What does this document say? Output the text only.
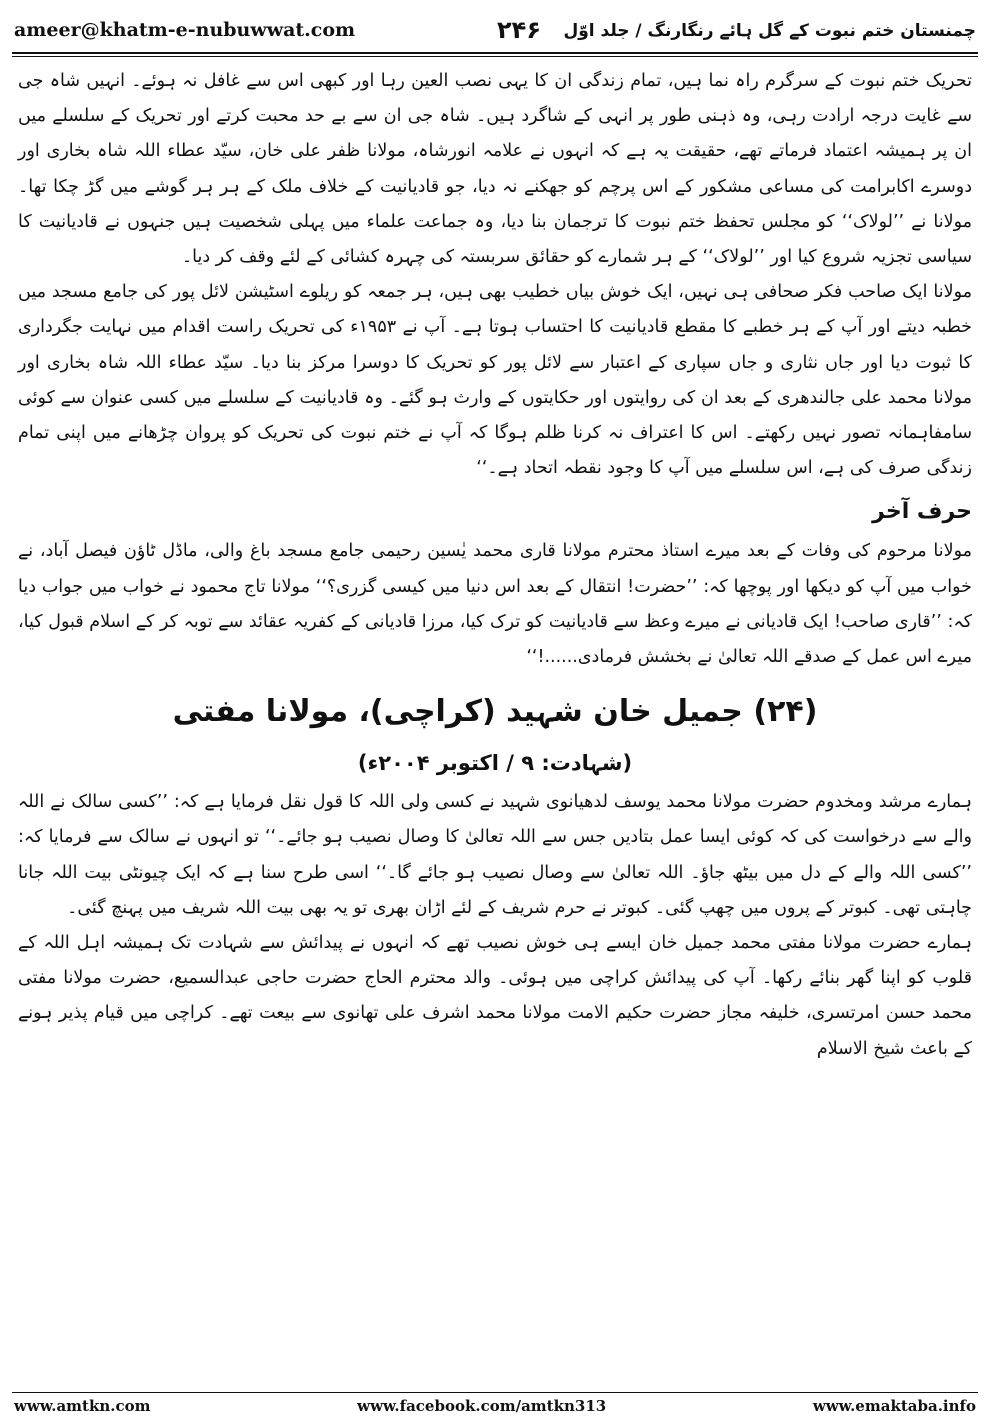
ameer@khatm-e-nubuwwat.com	۲۴۶	چمنستان ختم نبوت کے گل ہائے رنگارنگ / جلد اوّل

تحریک ختم نبوت کے سرگرم راہ نما ہیں، تمام زندگی ان کا یہی نصب العین رہا اور کبھی اس سے غافل نہ ہوئے۔ انہیں شاہ جی سے غایت درجہ ارادت رہی، وہ ذہنی طور پر انہی کے شاگرد ہیں۔ شاہ جی ان سے بے حد محبت کرتے اور تحریک کے سلسلے میں ان پر ہمیشہ اعتماد فرماتے تھے، حقیقت یہ ہے کہ انہوں نے علامہ انورشاہ، مولانا ظفر علی خان، سیّد عطاء اللہ شاہ بخاری اور دوسرے اکابرامت کی مساعی مشکور کے اس پرچم کو جھکنے نہ دیا، جو قادیانیت کے خلاف ملک کے ہر ہر گوشے میں گڑ چکا تھا۔ مولانا نے ’’لولاک‘‘ کو مجلس تحفظ ختم نبوت کا ترجمان بنا دیا، وہ جماعت علماء میں پہلی شخصیت ہیں جنہوں نے قادیانیت کا سیاسی تجزیہ شروع کیا اور ’’لولاک‘‘ کے ہر شمارے کو حقائق سربستہ کی چہرہ کشائی کے لئے وقف کر دیا۔

مولانا ایک صاحب فکر صحافی ہی نہیں، ایک خوش بیاں خطیب بھی ہیں، ہر جمعہ کو ریلوے اسٹیشن لائل پور کی جامع مسجد میں خطبہ دیتے اور آپ کے ہر خطبے کا مقطع قادیانیت کا احتساب ہوتا ہے۔ آپ نے ۱۹۵۳ء کی تحریک راست اقدام میں نہایت جگرداری کا ثبوت دیا اور جاں نثاری و جاں سپاری کے اعتبار سے لائل پور کو تحریک کا دوسرا مرکز بنا دیا۔ سیّد عطاء اللہ شاہ بخاری اور مولانا محمد علی جالندھری کے بعد ان کی روایتوں اور حکایتوں کے وارث ہو گئے۔ وہ قادیانیت کے سلسلے میں کسی عنوان سے کوئی سامفاہمانہ تصور نہیں رکھتے۔ اس کا اعتراف نہ کرنا ظلم ہوگا کہ آپ نے ختم نبوت کی تحریک کو پروان چڑھانے میں اپنی تمام زندگی صرف کی ہے، اس سلسلے میں آپ کا وجود نقطہ اتحاد ہے۔‘‘

حرف آخر

مولانا مرحوم کی وفات کے بعد میرے استاذ محترم مولانا قاری محمد یٰسین رحیمی جامع مسجد باغ والی، ماڈل ٹاؤن فیصل آباد، نے خواب میں آپ کو دیکھا اور پوچھا کہ: ’’حضرت! انتقال کے بعد اس دنیا میں کیسی گزری؟‘‘ مولانا تاج محمود نے خواب میں جواب دیا کہ: ’’قاری صاحب! ایک قادیانی نے میرے وعظ سے قادیانیت کو ترک کیا، مرزا قادیانی کے کفریہ عقائد سے توبہ کر کے اسلام قبول کیا، میرے اس عمل کے صدقے اللہ تعالیٰ نے بخشش فرمادی......!‘‘

(۲۴) جمیل خان شہید (کراچی)، مولانا مفتی

(شہادت: ۹ / اکتوبر ۲۰۰۴ء)

ہمارے مرشد ومخدوم حضرت مولانا محمد یوسف لدھیانوی شہید نے کسی ولی اللہ کا قول نقل فرمایا ہے کہ: ’’کسی سالک نے اللہ والے سے درخواست کی کہ کوئی ایسا عمل بتادیں جس سے اللہ تعالیٰ کا وصال نصیب ہو جائے۔‘‘ تو انہوں نے سالک سے فرمایا کہ: ’’کسی اللہ والے کے دل میں بیٹھ جاؤ۔ اللہ تعالیٰ سے وصال نصیب ہو جائے گا۔‘‘ اسی طرح سنا ہے کہ ایک چیونٹی بیت اللہ جانا چاہتی تھی۔ کبوتر کے پروں میں چھپ گئی۔ کبوتر نے حرم شریف کے لئے اڑان بھری تو یہ بھی بیت اللہ شریف میں پہنچ گئی۔

ہمارے حضرت مولانا مفتی محمد جمیل خان ایسے ہی خوش نصیب تھے کہ انہوں نے پیدائش سے شہادت تک ہمیشہ اہل اللہ کے قلوب کو اپنا گھر بنائے رکھا۔ آپ کی پیدائش کراچی میں ہوئی۔ والد محترم الحاج حضرت حاجی عبدالسمیع، حضرت مولانا مفتی محمد حسن امرتسری، خلیفہ مجاز حضرت حکیم الامت مولانا محمد اشرف علی تھانوی سے بیعت تھے۔ کراچی میں قیام پذیر ہونے کے باعث شیخ الاسلام

www.amtkn.com	www.facebook.com/amtkn313	www.emaktaba.info
